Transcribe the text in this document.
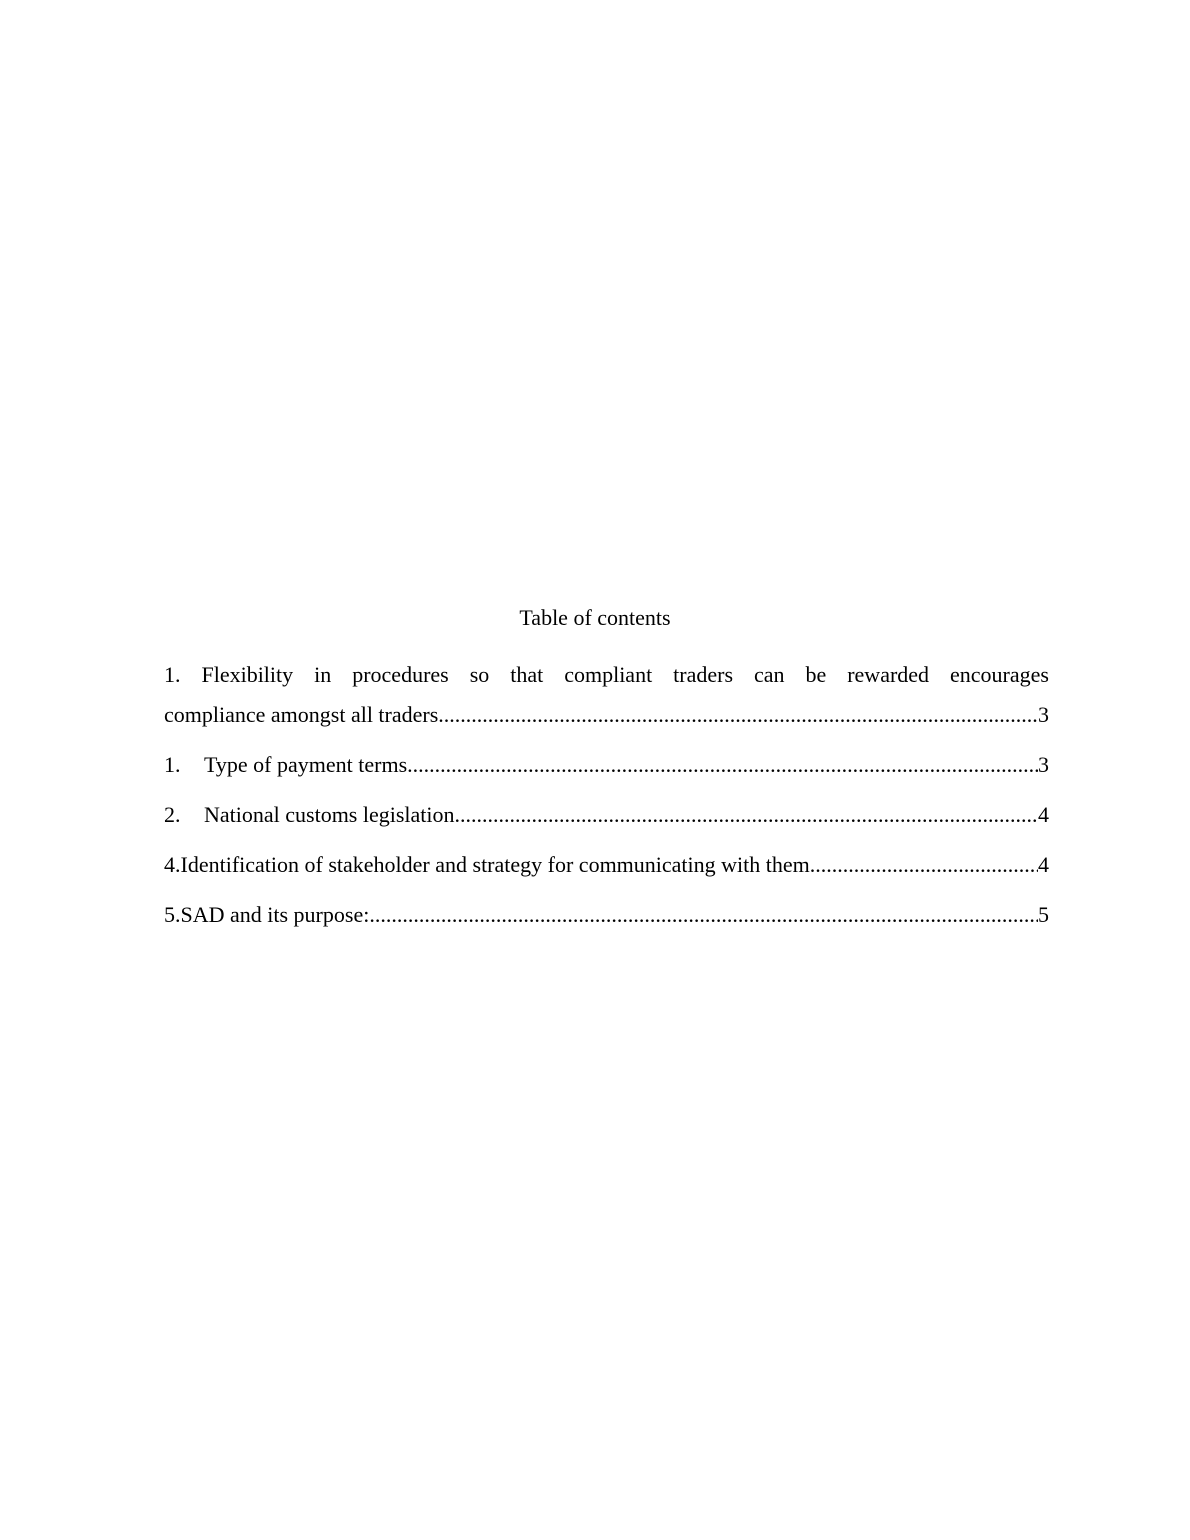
Table of contents
1. Flexibility in procedures so that compliant traders can be rewarded encourages
compliance amongst all traders .....	3
1.	Type of payment terms .....	3
2.	National customs legislation .....	4
4. Identification of stakeholder and strategy for communicating with them .....	4
5. SAD and its purpose: .....	5
